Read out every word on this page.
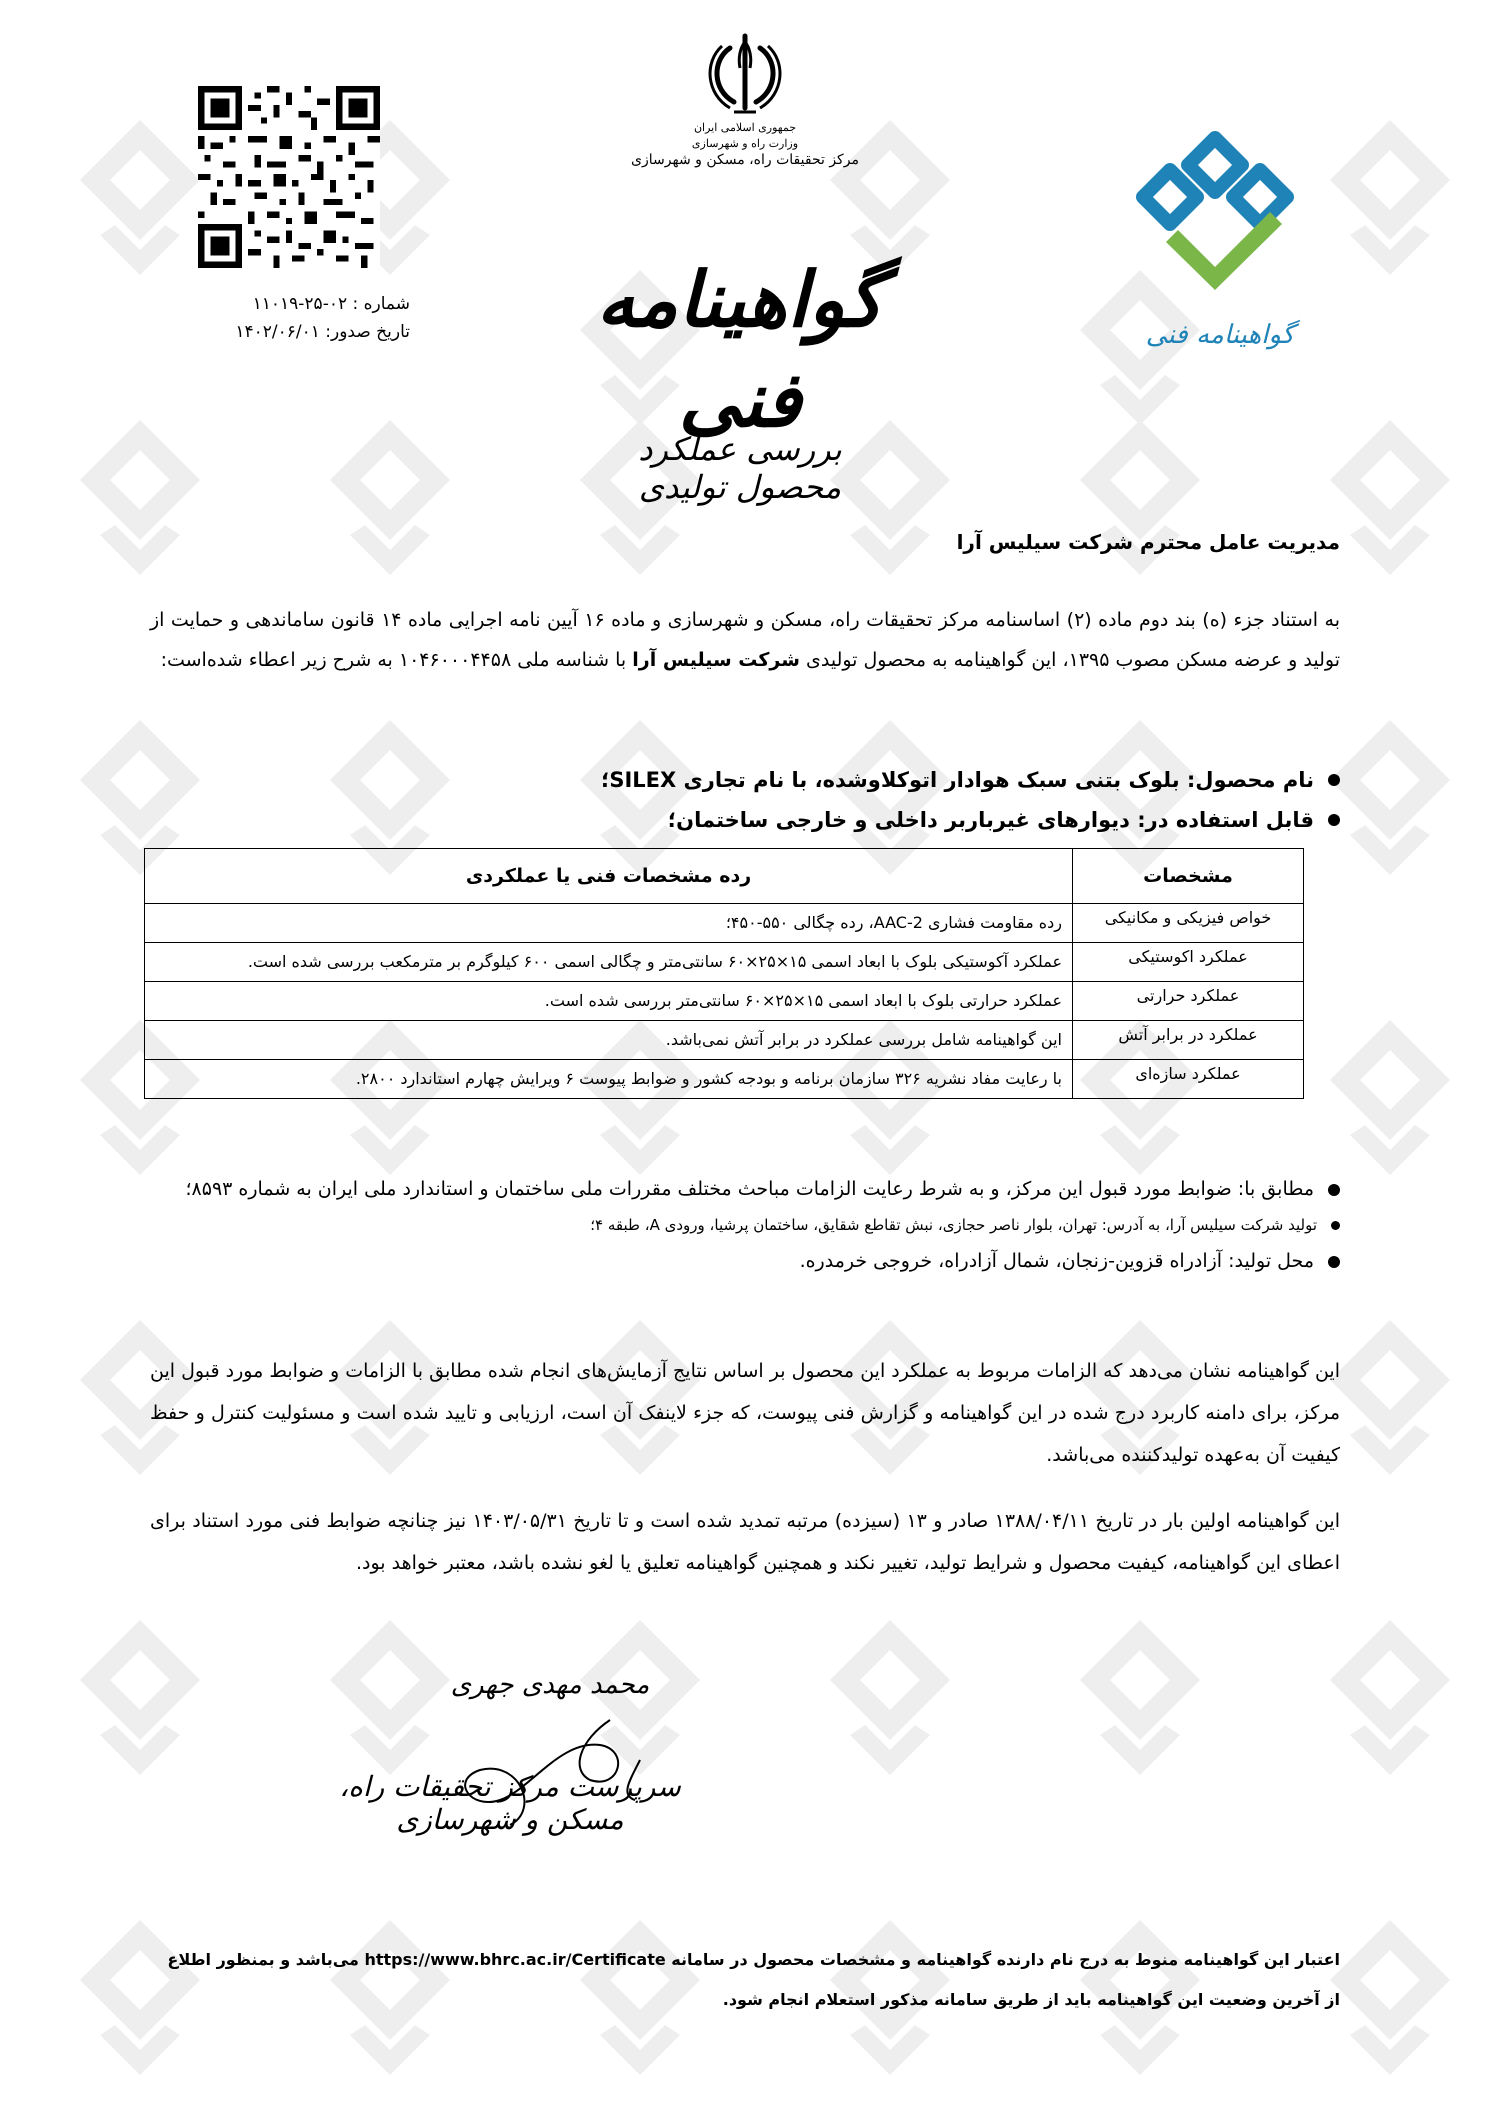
شماره : ۰۲-۲۵-۱۱۰۱۹
تاریخ صدور: ۱۴۰۲/۰۶/۰۱
جمهوری اسلامی ایران
وزارت راه و شهرسازی
مرکز تحقیقات راه، مسکن و شهرسازی
گواهینامه فنی
بررسی عملکرد محصول تولیدی
گواهینامه فنی
مدیریت عامل محترم شرکت سیلیس آرا
به استناد جزء (ه) بند دوم ماده (۲) اساسنامه مرکز تحقیقات راه، مسکن و شهرسازی و ماده ۱۶ آیین نامه اجرایی ماده ۱۴ قانون ساماندهی و حمایت از تولید و عرضه مسکن مصوب ۱۳۹۵، این گواهینامه به محصول تولیدی شرکت سیلیس آرا با شناسه ملی ۱۰۴۶۰۰۰۴۴۵۸ به شرح زیر اعطاء شده‌است:
نام محصول: بلوک بتنی سبک هوادار اتوکلاوشده، با نام تجاری SILEX؛
قابل استفاده در: دیوارهای غیرباربر داخلی و خارجی ساختمان؛
مشخصات	رده مشخصات فنی یا عملکردی
خواص فیزیکی و مکانیکی	رده مقاومت فشاری AAC-2، رده چگالی ۵۵۰-۴۵۰؛
عملکرد اکوستیکی	عملکرد آکوستیکی بلوک با ابعاد اسمی ۱۵×۲۵×۶۰ سانتی‌متر و چگالی اسمی ۶۰۰ کیلوگرم بر مترمکعب بررسی شده است.
عملکرد حرارتی	عملکرد حرارتی بلوک با ابعاد اسمی ۱۵×۲۵×۶۰ سانتی‌متر بررسی شده است.
عملکرد در برابر آتش	این گواهینامه شامل بررسی عملکرد در برابر آتش نمی‌باشد.
عملکرد سازه‌ای	با رعایت مفاد نشریه ۳۲۶ سازمان برنامه و بودجه کشور و ضوابط پیوست ۶ ویرایش چهارم استاندارد ۲۸۰۰.
مطابق با: ضوابط مورد قبول این مرکز، و به شرط رعایت الزامات مباحث مختلف مقررات ملی ساختمان و استاندارد ملی ایران به شماره ۸۵۹۳؛
تولید شرکت سیلیس آرا، به آدرس: تهران، بلوار ناصر حجازی، نبش تقاطع شقایق، ساختمان پرشیا، ورودی A، طبقه ۴؛
محل تولید: آزادراه قزوین-زنجان، شمال آزادراه، خروجی خرمدره.
این گواهینامه نشان می‌دهد که الزامات مربوط به عملکرد این محصول بر اساس نتایج آزمایش‌های انجام شده مطابق با الزامات و ضوابط مورد قبول این مرکز، برای دامنه کاربرد درج شده در این گواهینامه و گزارش فنی پیوست، که جزء لاینفک آن است، ارزیابی و تایید شده است و مسئولیت کنترل و حفظ کیفیت آن به‌عهده تولیدکننده می‌باشد.
این گواهینامه اولین بار در تاریخ ۱۳۸۸/۰۴/۱۱ صادر و ۱۳ (سیزده) مرتبه تمدید شده است و تا تاریخ ۱۴۰۳/۰۵/۳۱ نیز چنانچه ضوابط فنی مورد استناد برای اعطای این گواهینامه، کیفیت محصول و شرایط تولید، تغییر نکند و همچنین گواهینامه تعلیق یا لغو نشده باشد، معتبر خواهد بود.
محمد مهدی جهری
سرپرست مرکز تحقیقات راه، مسکن و شهرسازی
اعتبار این گواهینامه منوط به درج نام دارنده گواهینامه و مشخصات محصول در سامانه https://www.bhrc.ac.ir/Certificate می‌باشد و بمنظور اطلاع از آخرین وضعیت این گواهینامه باید از طریق سامانه مذکور استعلام انجام شود.
